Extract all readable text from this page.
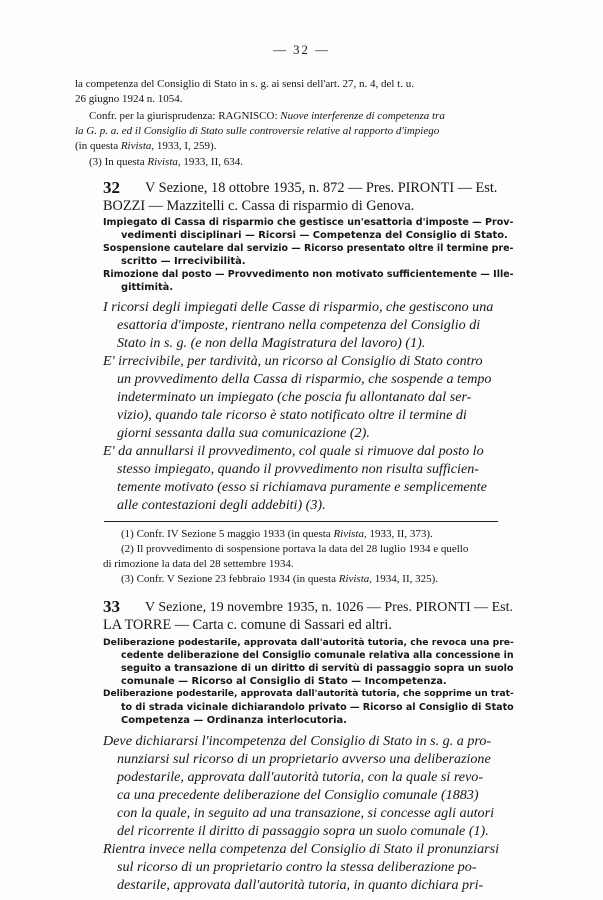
— 32 —
la competenza del Consiglio di Stato in s. g. ai sensi dell'art. 27, n. 4, del t. u.
26 giugno 1924 n. 1054.
Confr. per la giurisprudenza: RAGNISCO: Nuove interferenze di competenza tra
la G. p. a. ed il Consiglio di Stato sulle controversie relative al rapporto d'impiego
(in questa Rivista, 1933, I, 259).
(3) In questa Rivista, 1933, II, 634.
32 V Sezione, 18 ottobre 1935, n. 872 — Pres. PIRONTI — Est.
BOZZI — Mazzitelli c. Cassa di risparmio di Genova.
Impiegato di Cassa di risparmio che gestisce un'esattoria d'imposte — Prov-
vedimenti disciplinari — Ricorsi — Competenza del Consiglio di Stato.
Sospensione cautelare dal servizio — Ricorso presentato oltre il termine pre-
scritto — Irrecivibilità.
Rimozione dal posto — Provvedimento non motivato sufficientemente — Ille-
gittimità.
I ricorsi degli impiegati delle Casse di risparmio, che gestiscono una
esattoria d'imposte, rientrano nella competenza del Consiglio di
Stato in s. g. (e non della Magistratura del lavoro) (1).
E' irrecivibile, per tardività, un ricorso al Consiglio di Stato contro
un provvedimento della Cassa di risparmio, che sospende a tempo
indeterminato un impiegato (che poscia fu allontanato dal ser-
vizio), quando tale ricorso è stato notificato oltre il termine di
giorni sessanta dalla sua comunicazione (2).
E' da annullarsi il provvedimento, col quale si rimuove dal posto lo
stesso impiegato, quando il provvedimento non risulta sufficien-
temente motivato (esso si richiamava puramente e semplicemente
alle contestazioni degli addebiti) (3).
(1) Confr. IV Sezione 5 maggio 1933 (in questa Rivista, 1933, II, 373).
(2) Il provvedimento di sospensione portava la data del 28 luglio 1934 e quello
di rimozione la data del 28 settembre 1934.
(3) Confr. V Sezione 23 febbraio 1934 (in questa Rivista, 1934, II, 325).
33 V Sezione, 19 novembre 1935, n. 1026 — Pres. PIRONTI — Est.
LA TORRE — Carta c. comune di Sassari ed altri.
Deliberazione podestarile, approvata dall'autorità tutoria, che revoca una pre-
cedente deliberazione del Consiglio comunale relativa alla concessione in
seguito a transazione di un diritto di servitù di passaggio sopra un suolo
comunale — Ricorso al Consiglio di Stato — Incompetenza.
Deliberazione podestarile, approvata dall'autorità tutoria, che sopprime un trat-
to di strada vicinale dichiarandolo privato — Ricorso al Consiglio di Stato
Competenza — Ordinanza interlocutoria.
Deve dichiararsi l'incompetenza del Consiglio di Stato in s. g. a pro-
nunziarsi sul ricorso di un proprietario avverso una deliberazione
podestarile, approvata dall'autorità tutoria, con la quale si revo-
ca una precedente deliberazione del Consiglio comunale (1883)
con la quale, in seguito ad una transazione, si concesse agli autori
del ricorrente il diritto di passaggio sopra un suolo comunale (1).
Rientra invece nella competenza del Consiglio di Stato il pronunziarsi
sul ricorso di un proprietario contro la stessa deliberazione po-
destarile, approvata dall'autorità tutoria, in quanto dichiara pri-
